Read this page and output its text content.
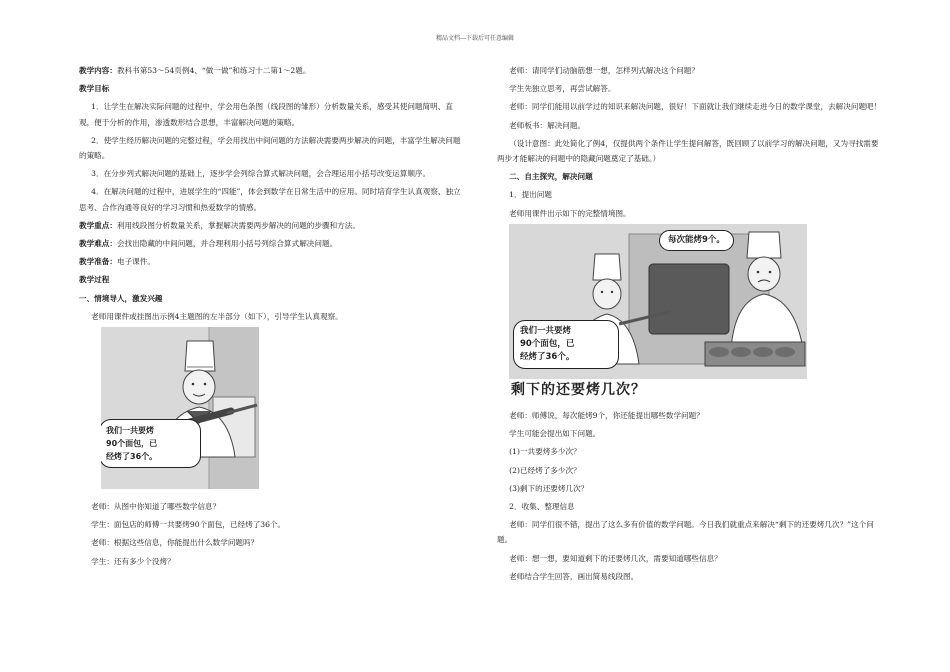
精品文档---下载后可任意编辑

教学内容：教科书第53～54页例4、“做一做”和练习十二第1～2题。

教学目标

1．让学生在解决实际问题的过程中，学会用色条图（线段图的雏形）分析数量关系，感受其使问题简明、直观，便于分析的作用，渗透数形结合思想，丰富解决问题的策略。

2．使学生经历解决问题的完整过程，学会用找出中间问题的方法解决需要两步解决的问题，丰富学生解决问题的策略。

3．在分步列式解决问题的基础上，逐步学会列综合算式解决问题，会合理运用小括号改变运算顺序。

4．在解决问题的过程中，进展学生的“四能”，体会到数学在日常生活中的应用。同时培育学生认真观察、独立思考、合作沟通等良好的学习习惯和热爱数学的情感。

教学重点：利用线段图分析数量关系，掌握解决需要两步解决的问题的步骤和方法。

教学难点：会找出隐藏的中间问题，并合理利用小括号列综合算式解决问题。

教学准备：电子课件。

教学过程

一、情境导人，激发兴趣

老师用课件或挂图出示例4主题图的左半部分（如下），引导学生认真观察。

我们一共要烤
90个面包，已
经烤了36个。

老师：从图中你知道了哪些数学信息？

学生：面包店的师傅一共要烤90个面包，已经烤了36个。

老师：根据这些信息，你能提出什么数学问题吗？

学生：还有多少个没烤？

老师：请同学们动脑筋想一想，怎样列式解决这个问题？

学生先独立思考，再尝试解答。

老师：同学们能用以前学过的知识来解决问题，很好！下面就让我们继续走进今日的数学课堂，去解决问题吧！

老师板书：解决问题。

（设计意图：此处简化了例4，仅提供两个条件让学生提问解答，既回顾了以前学习的解决问题，又为寻找需要两步才能解决的问题中的隐藏问题奠定了基础。）

二、自主探究，解决问题

1．提出问题

老师用课件出示如下的完整情境图。

我们一共要烤
90个面包，已
经烤了36个。
每次能烤9个。
剩下的还要烤几次？

老师：师傅说，每次能烤9个，你还能提出哪些数学问题？

学生可能会提出如下问题。

(1)一共要烤多少次？

(2)已经烤了多少次？

(3)剩下的还要烤几次？

2．收集、整理信息

老师：同学们很不错，提出了这么多有价值的数学问题。今日我们就重点来解决“剩下的还要烤几次？”这个问题。

老师：想一想，要知道剩下的还要烤几次，需要知道哪些信息？

老师结合学生回答，画出简易线段图。
